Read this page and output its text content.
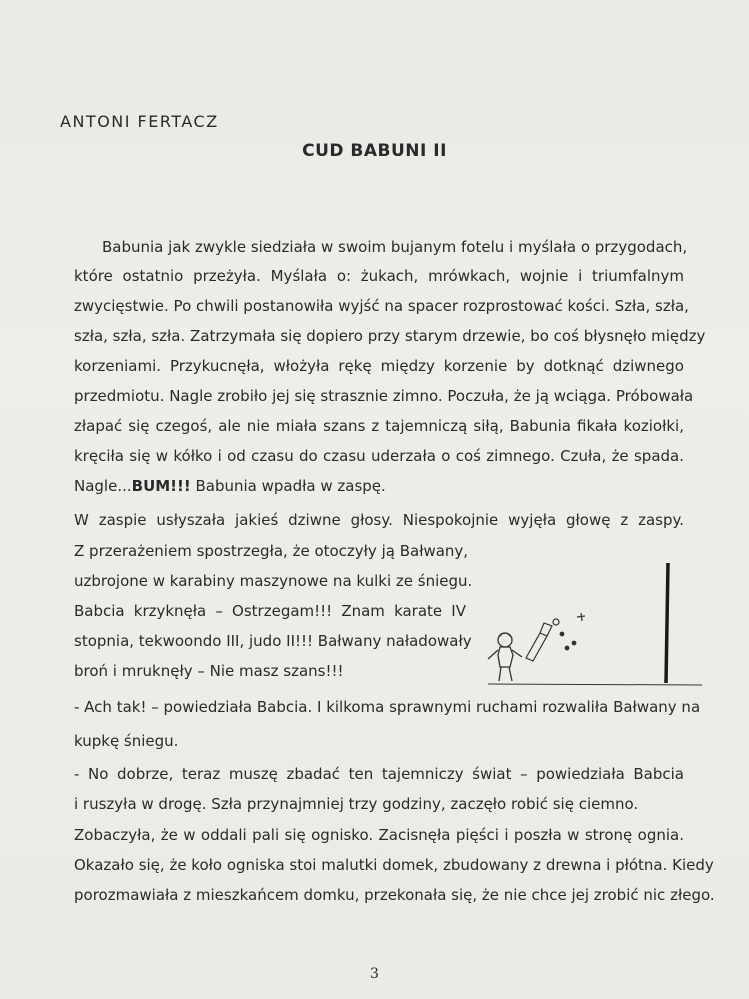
ANTONI FERTACZ
CUD BABUNI II
Babunia jak zwykle siedziała w swoim bujanym fotelu i myślała o przygodach,
które ostatnio przeżyła. Myślała o: żukach, mrówkach, wojnie i triumfalnym
zwycięstwie. Po chwili postanowiła wyjść na spacer rozprostować kości. Szła, szła,
szła, szła, szła. Zatrzymała się dopiero przy starym drzewie, bo coś błysnęło między
korzeniami. Przykucnęła, włożyła rękę między korzenie by dotknąć dziwnego
przedmiotu. Nagle zrobiło jej się strasznie zimno. Poczuła, że ją wciąga. Próbowała
złapać się czegoś, ale nie miała szans z tajemniczą siłą, Babunia fikała koziołki,
kręciła się w kółko i od czasu do czasu uderzała o coś zimnego. Czuła, że spada.
Nagle...BUM!!! Babunia wpadła w zaspę.
W zaspie usłyszała jakieś dziwne głosy. Niespokojnie wyjęła głowę z zaspy.
Z przerażeniem spostrzegła, że otoczyły ją Bałwany,
uzbrojone w karabiny maszynowe na kulki ze śniegu.
Babcia krzyknęła – Ostrzegam!!! Znam karate IV
stopnia, tekwoondo III, judo II!!! Bałwany naładowały
broń i mruknęły – Nie masz szans!!!
- Ach tak! – powiedziała Babcia. I kilkoma sprawnymi ruchami rozwaliła Bałwany na
kupkę śniegu.
- No dobrze, teraz muszę zbadać ten tajemniczy świat – powiedziała Babcia
i ruszyła w drogę. Szła przynajmniej trzy godziny, zaczęło robić się ciemno.
Zobaczyła, że w oddali pali się ognisko. Zacisnęła pięści i poszła w stronę ognia.
Okazało się, że koło ogniska stoi malutki domek, zbudowany z drewna i płótna. Kiedy
porozmawiała z mieszkańcem domku, przekonała się, że nie chce jej zrobić nic złego.
3
